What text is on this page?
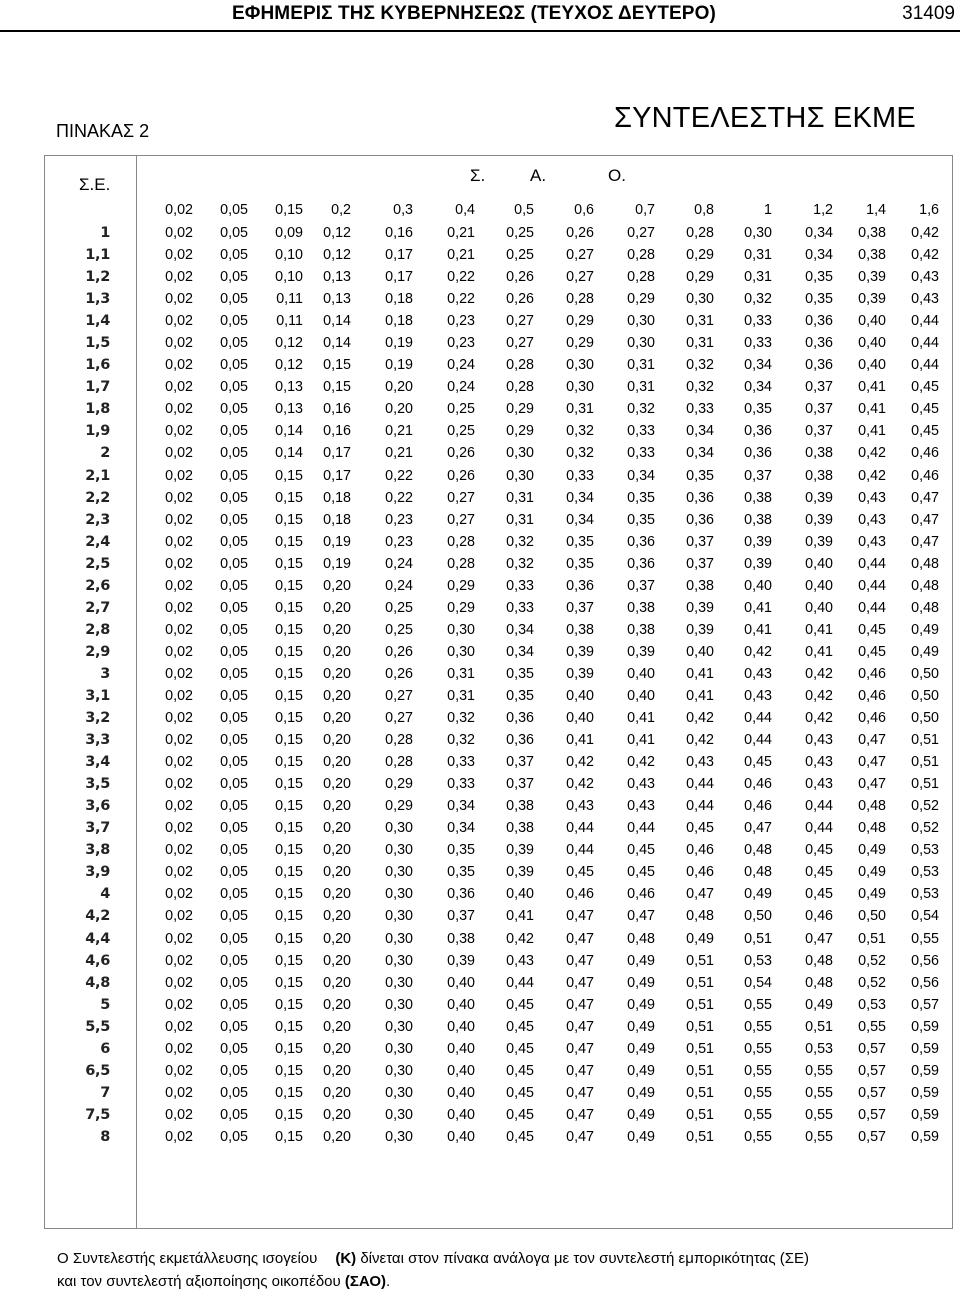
ΕΦΗΜΕΡΙΣ ΤΗΣ ΚΥΒΕΡΝΗΣΕΩΣ (ΤΕΥΧΟΣ ΔΕΥΤΕΡΟ)	31409
ΠΙΝΑΚΑΣ 2	ΣΥΝΤΕΛΕΣΤΗΣ ΕΚΜΕ
Σ.Ε.	Σ.	Α.	Ο.
0,02	0,05	0,15	0,2	0,3	0,4	0,5	0,6	0,7	0,8	1	1,2	1,4	1,6
1	0,02	0,05	0,09	0,12	0,16	0,21	0,25	0,26	0,27	0,28	0,30	0,34	0,38	0,42
1,1	0,02	0,05	0,10	0,12	0,17	0,21	0,25	0,27	0,28	0,29	0,31	0,34	0,38	0,42
1,2	0,02	0,05	0,10	0,13	0,17	0,22	0,26	0,27	0,28	0,29	0,31	0,35	0,39	0,43
1,3	0,02	0,05	0,11	0,13	0,18	0,22	0,26	0,28	0,29	0,30	0,32	0,35	0,39	0,43
1,4	0,02	0,05	0,11	0,14	0,18	0,23	0,27	0,29	0,30	0,31	0,33	0,36	0,40	0,44
1,5	0,02	0,05	0,12	0,14	0,19	0,23	0,27	0,29	0,30	0,31	0,33	0,36	0,40	0,44
1,6	0,02	0,05	0,12	0,15	0,19	0,24	0,28	0,30	0,31	0,32	0,34	0,36	0,40	0,44
1,7	0,02	0,05	0,13	0,15	0,20	0,24	0,28	0,30	0,31	0,32	0,34	0,37	0,41	0,45
1,8	0,02	0,05	0,13	0,16	0,20	0,25	0,29	0,31	0,32	0,33	0,35	0,37	0,41	0,45
1,9	0,02	0,05	0,14	0,16	0,21	0,25	0,29	0,32	0,33	0,34	0,36	0,37	0,41	0,45
2	0,02	0,05	0,14	0,17	0,21	0,26	0,30	0,32	0,33	0,34	0,36	0,38	0,42	0,46
2,1	0,02	0,05	0,15	0,17	0,22	0,26	0,30	0,33	0,34	0,35	0,37	0,38	0,42	0,46
2,2	0,02	0,05	0,15	0,18	0,22	0,27	0,31	0,34	0,35	0,36	0,38	0,39	0,43	0,47
2,3	0,02	0,05	0,15	0,18	0,23	0,27	0,31	0,34	0,35	0,36	0,38	0,39	0,43	0,47
2,4	0,02	0,05	0,15	0,19	0,23	0,28	0,32	0,35	0,36	0,37	0,39	0,39	0,43	0,47
2,5	0,02	0,05	0,15	0,19	0,24	0,28	0,32	0,35	0,36	0,37	0,39	0,40	0,44	0,48
2,6	0,02	0,05	0,15	0,20	0,24	0,29	0,33	0,36	0,37	0,38	0,40	0,40	0,44	0,48
2,7	0,02	0,05	0,15	0,20	0,25	0,29	0,33	0,37	0,38	0,39	0,41	0,40	0,44	0,48
2,8	0,02	0,05	0,15	0,20	0,25	0,30	0,34	0,38	0,38	0,39	0,41	0,41	0,45	0,49
2,9	0,02	0,05	0,15	0,20	0,26	0,30	0,34	0,39	0,39	0,40	0,42	0,41	0,45	0,49
3	0,02	0,05	0,15	0,20	0,26	0,31	0,35	0,39	0,40	0,41	0,43	0,42	0,46	0,50
3,1	0,02	0,05	0,15	0,20	0,27	0,31	0,35	0,40	0,40	0,41	0,43	0,42	0,46	0,50
3,2	0,02	0,05	0,15	0,20	0,27	0,32	0,36	0,40	0,41	0,42	0,44	0,42	0,46	0,50
3,3	0,02	0,05	0,15	0,20	0,28	0,32	0,36	0,41	0,41	0,42	0,44	0,43	0,47	0,51
3,4	0,02	0,05	0,15	0,20	0,28	0,33	0,37	0,42	0,42	0,43	0,45	0,43	0,47	0,51
3,5	0,02	0,05	0,15	0,20	0,29	0,33	0,37	0,42	0,43	0,44	0,46	0,43	0,47	0,51
3,6	0,02	0,05	0,15	0,20	0,29	0,34	0,38	0,43	0,43	0,44	0,46	0,44	0,48	0,52
3,7	0,02	0,05	0,15	0,20	0,30	0,34	0,38	0,44	0,44	0,45	0,47	0,44	0,48	0,52
3,8	0,02	0,05	0,15	0,20	0,30	0,35	0,39	0,44	0,45	0,46	0,48	0,45	0,49	0,53
3,9	0,02	0,05	0,15	0,20	0,30	0,35	0,39	0,45	0,45	0,46	0,48	0,45	0,49	0,53
4	0,02	0,05	0,15	0,20	0,30	0,36	0,40	0,46	0,46	0,47	0,49	0,45	0,49	0,53
4,2	0,02	0,05	0,15	0,20	0,30	0,37	0,41	0,47	0,47	0,48	0,50	0,46	0,50	0,54
4,4	0,02	0,05	0,15	0,20	0,30	0,38	0,42	0,47	0,48	0,49	0,51	0,47	0,51	0,55
4,6	0,02	0,05	0,15	0,20	0,30	0,39	0,43	0,47	0,49	0,51	0,53	0,48	0,52	0,56
4,8	0,02	0,05	0,15	0,20	0,30	0,40	0,44	0,47	0,49	0,51	0,54	0,48	0,52	0,56
5	0,02	0,05	0,15	0,20	0,30	0,40	0,45	0,47	0,49	0,51	0,55	0,49	0,53	0,57
5,5	0,02	0,05	0,15	0,20	0,30	0,40	0,45	0,47	0,49	0,51	0,55	0,51	0,55	0,59
6	0,02	0,05	0,15	0,20	0,30	0,40	0,45	0,47	0,49	0,51	0,55	0,53	0,57	0,59
6,5	0,02	0,05	0,15	0,20	0,30	0,40	0,45	0,47	0,49	0,51	0,55	0,55	0,57	0,59
7	0,02	0,05	0,15	0,20	0,30	0,40	0,45	0,47	0,49	0,51	0,55	0,55	0,57	0,59
7,5	0,02	0,05	0,15	0,20	0,30	0,40	0,45	0,47	0,49	0,51	0,55	0,55	0,57	0,59
8	0,02	0,05	0,15	0,20	0,30	0,40	0,45	0,47	0,49	0,51	0,55	0,55	0,57	0,59
Ο Συντελεστής εκμετάλλευσης ισογείου (Κ) δίνεται στον πίνακα ανάλογα με τον συντελεστή εμπορικότητας (ΣΕ)
και τον συντελεστή αξιοποίησης οικοπέδου (ΣΑΟ).
